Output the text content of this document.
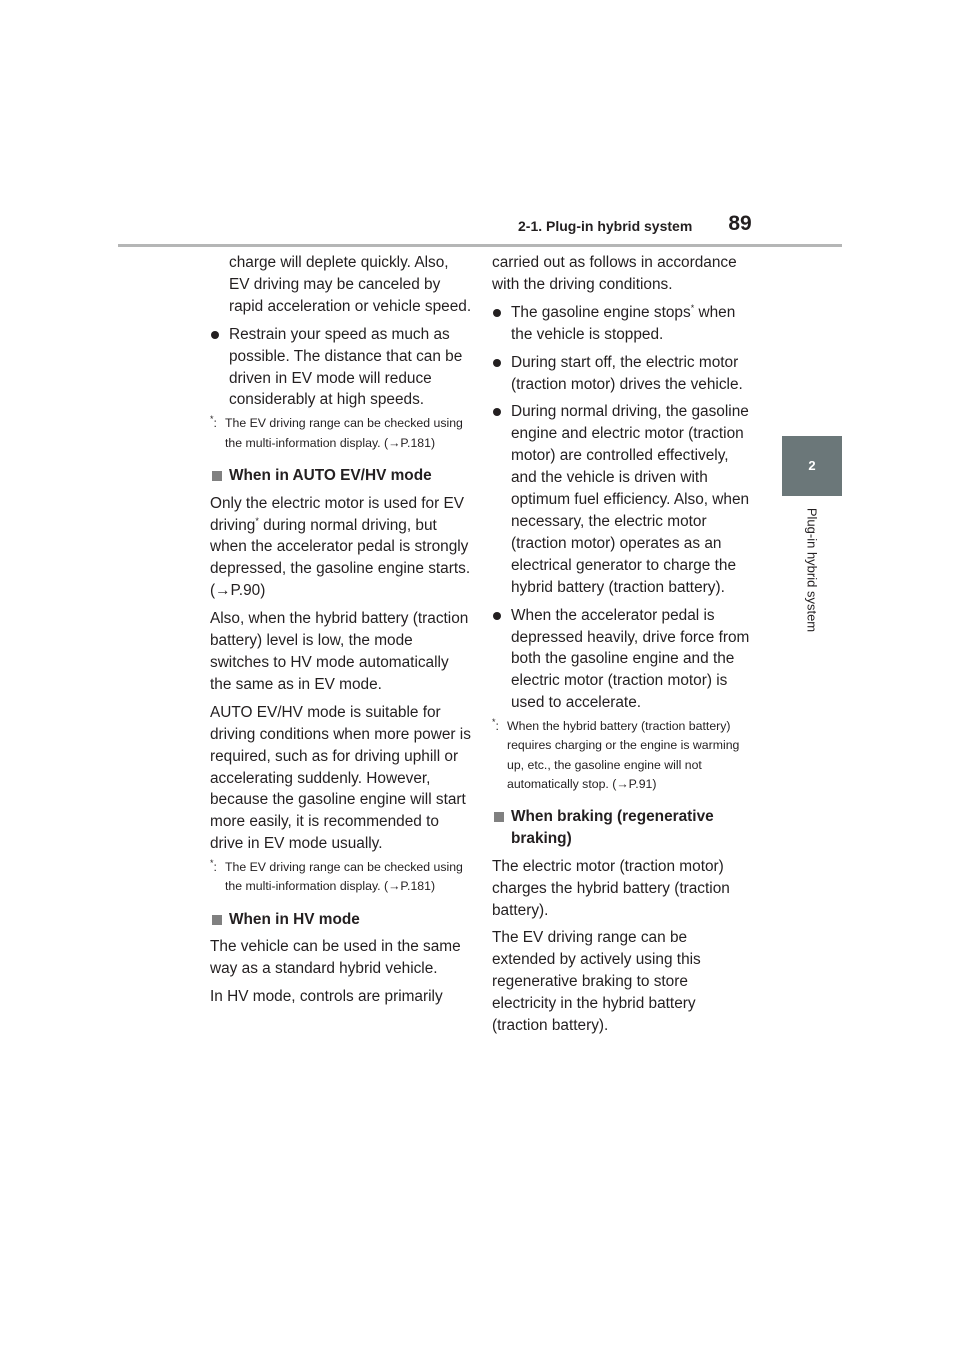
2-1. Plug-in hybrid system	89
2
Plug-in hybrid system

charge will deplete quickly. Also, EV driving may be canceled by rapid acceleration or vehicle speed.

Restrain your speed as much as possible. The distance that can be driven in EV mode will reduce considerably at high speeds.

*: The EV driving range can be checked using the multi-information display. (→P.181)

When in AUTO EV/HV mode

Only the electric motor is used for EV driving* during normal driving, but when the accelerator pedal is strongly depressed, the gasoline engine starts. (→P.90)

Also, when the hybrid battery (traction battery) level is low, the mode switches to HV mode automatically the same as in EV mode.

AUTO EV/HV mode is suitable for driving conditions when more power is required, such as for driving uphill or accelerating suddenly. However, because the gasoline engine will start more easily, it is recommended to drive in EV mode usually.

*: The EV driving range can be checked using the multi-information display. (→P.181)

When in HV mode

The vehicle can be used in the same way as a standard hybrid vehicle.

In HV mode, controls are primarily

carried out as follows in accordance with the driving conditions.

The gasoline engine stops* when the vehicle is stopped.

During start off, the electric motor (traction motor) drives the vehicle.

During normal driving, the gasoline engine and electric motor (traction motor) are controlled effectively, and the vehicle is driven with optimum fuel efficiency. Also, when necessary, the electric motor (traction motor) operates as an electrical generator to charge the hybrid battery (traction battery).

When the accelerator pedal is depressed heavily, drive force from both the gasoline engine and the electric motor (traction motor) is used to accelerate.

*: When the hybrid battery (traction battery) requires charging or the engine is warming up, etc., the gasoline engine will not automatically stop. (→P.91)

When braking (regenerative braking)

The electric motor (traction motor) charges the hybrid battery (traction battery).

The EV driving range can be extended by actively using this regenerative braking to store electricity in the hybrid battery (traction battery).
